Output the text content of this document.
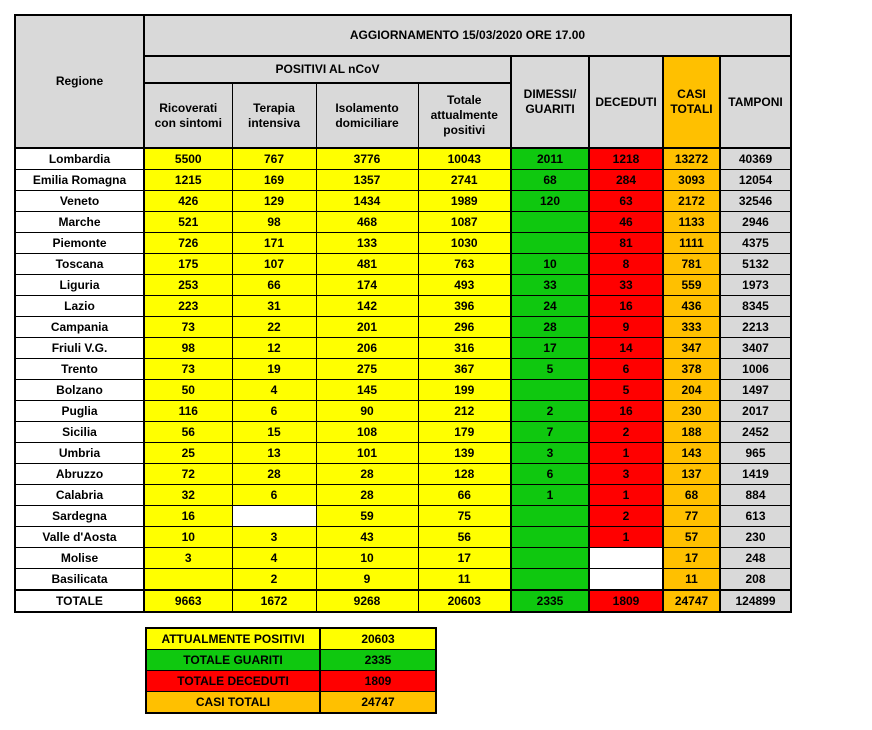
Regione	AGGIORNAMENTO 15/03/2020 ORE 17.00							
	POSITIVI AL nCoV				DIMESSI/ GUARITI	DECEDUTI	CASI TOTALI	TAMPONI
	Ricoverati con sintomi	Terapia intensiva	Isolamento domiciliare	Totale attualmente positivi				
Lombardia	5500	767	3776	10043	2011	1218	13272	40369
Emilia Romagna	1215	169	1357	2741	68	284	3093	12054
Veneto	426	129	1434	1989	120	63	2172	32546
Marche	521	98	468	1087		46	1133	2946
Piemonte	726	171	133	1030		81	1111	4375
Toscana	175	107	481	763	10	8	781	5132
Liguria	253	66	174	493	33	33	559	1973
Lazio	223	31	142	396	24	16	436	8345
Campania	73	22	201	296	28	9	333	2213
Friuli V.G.	98	12	206	316	17	14	347	3407
Trento	73	19	275	367	5	6	378	1006
Bolzano	50	4	145	199		5	204	1497
Puglia	116	6	90	212	2	16	230	2017
Sicilia	56	15	108	179	7	2	188	2452
Umbria	25	13	101	139	3	1	143	965
Abruzzo	72	28	28	128	6	3	137	1419
Calabria	32	6	28	66	1	1	68	884
Sardegna	16		59	75		2	77	613
Valle d'Aosta	10	3	43	56		1	57	230
Molise	3	4	10	17			17	248
Basilicata		2	9	11			11	208
TOTALE	9663	1672	9268	20603	2335	1809	24747	124899
ATTUALMENTE POSITIVI	20603
TOTALE GUARITI	2335
TOTALE DECEDUTI	1809
CASI TOTALI	24747
